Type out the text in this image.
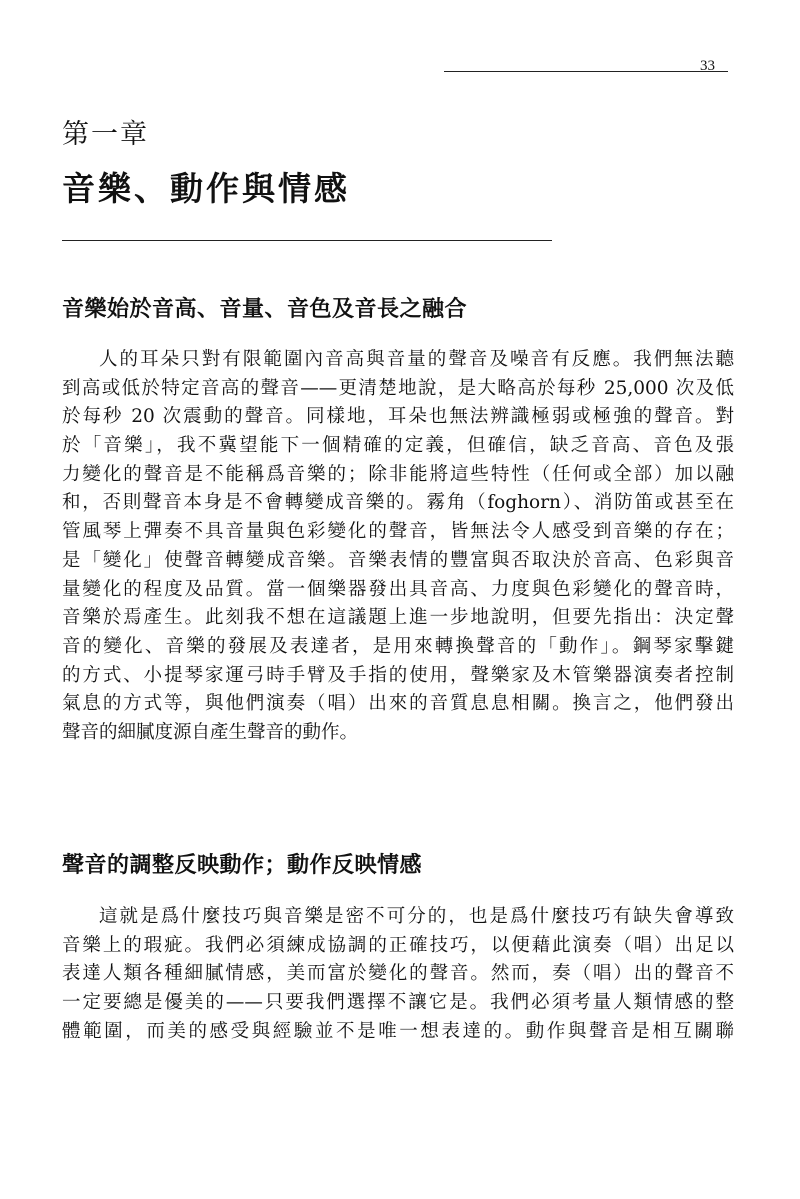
33
第一章
音樂、動作與情感
音樂始於音高、音量、音色及音長之融合
人的耳朵只對有限範圍內音高與音量的聲音及噪音有反應。我們無法聽
到高或低於特定音高的聲音——更清楚地說，是大略高於每秒 25,000 次及低
於每秒 20 次震動的聲音。同樣地，耳朵也無法辨識極弱或極強的聲音。對
於「音樂」，我不冀望能下一個精確的定義，但確信，缺乏音高、音色及張
力變化的聲音是不能稱爲音樂的；除非能將這些特性（任何或全部）加以融
和，否則聲音本身是不會轉變成音樂的。霧角（foghorn）、消防笛或甚至在
管風琴上彈奏不具音量與色彩變化的聲音，皆無法令人感受到音樂的存在；
是「變化」使聲音轉變成音樂。音樂表情的豐富與否取決於音高、色彩與音
量變化的程度及品質。當一個樂器發出具音高、力度與色彩變化的聲音時，
音樂於焉產生。此刻我不想在這議題上進一步地說明，但要先指出：決定聲
音的變化、音樂的發展及表達者，是用來轉換聲音的「動作」。鋼琴家擊鍵
的方式、小提琴家運弓時手臂及手指的使用，聲樂家及木管樂器演奏者控制
氣息的方式等，與他們演奏（唱）出來的音質息息相關。換言之，他們發出
聲音的細膩度源自產生聲音的動作。
聲音的調整反映動作；動作反映情感
這就是爲什麼技巧與音樂是密不可分的，也是爲什麼技巧有缺失會導致
音樂上的瑕疵。我們必須練成協調的正確技巧，以便藉此演奏（唱）出足以
表達人類各種細膩情感，美而富於變化的聲音。然而，奏（唱）出的聲音不
一定要總是優美的——只要我們選擇不讓它是。我們必須考量人類情感的整
體範圍，而美的感受與經驗並不是唯一想表達的。動作與聲音是相互關聯
